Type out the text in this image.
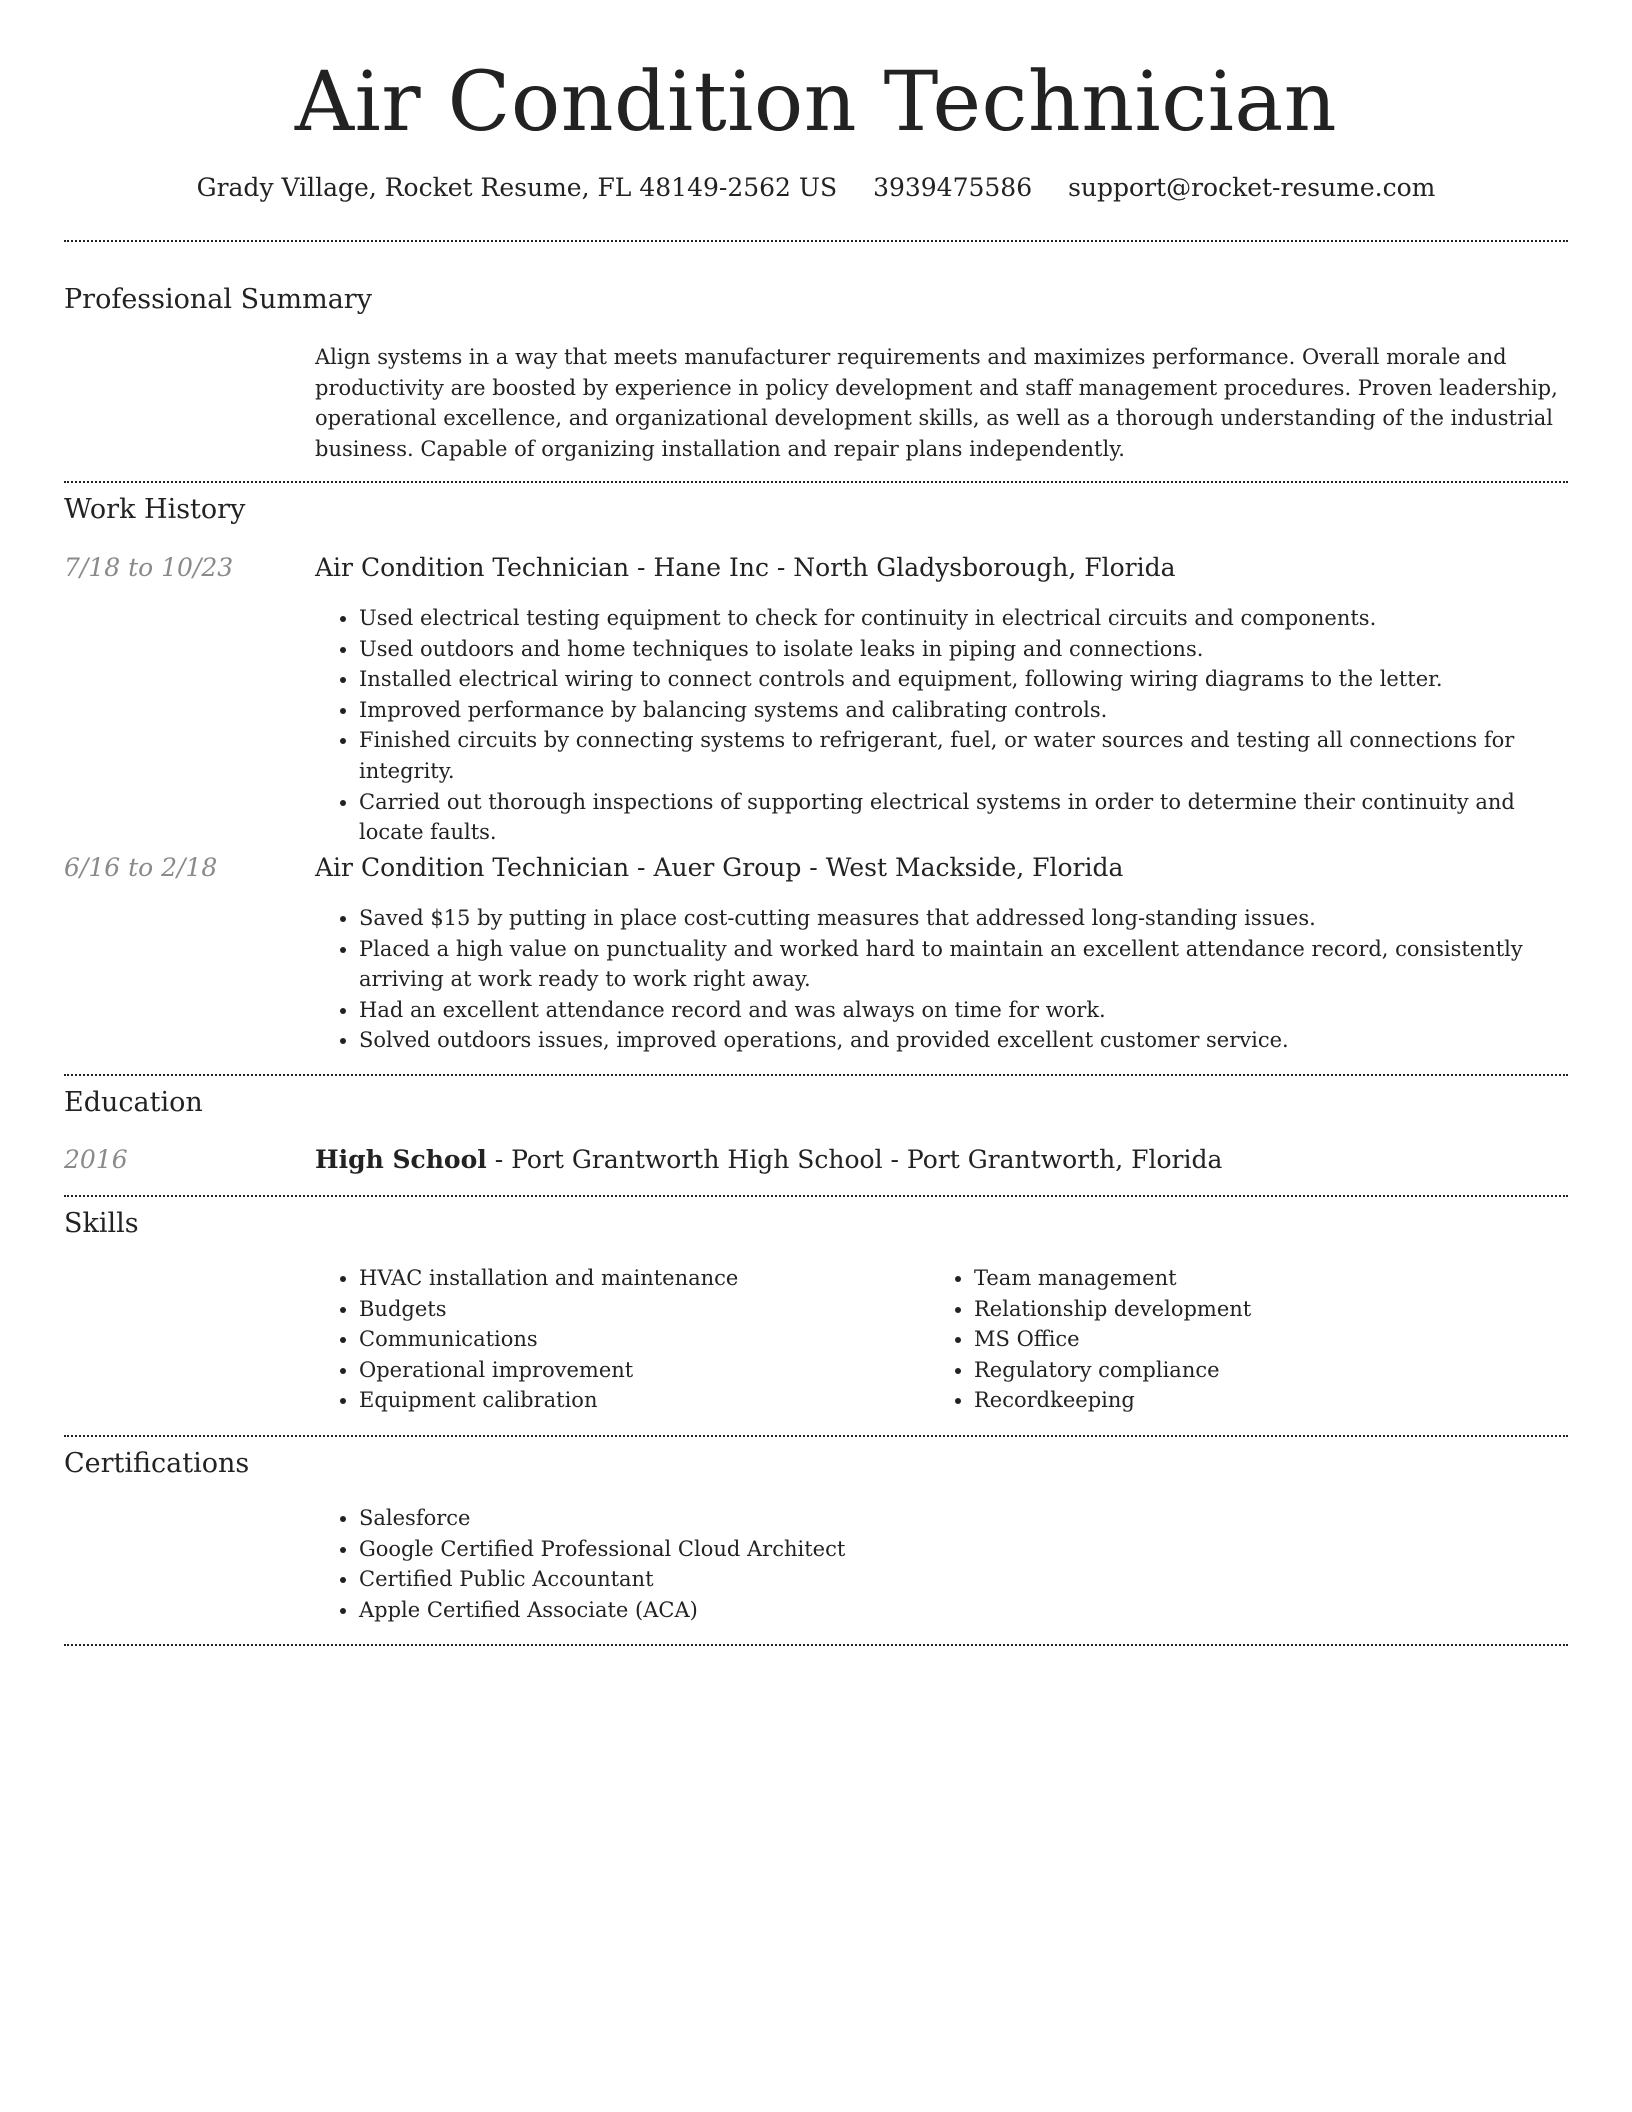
Air Condition Technician
Grady Village, Rocket Resume, FL 48149-2562 US 3939475586 support@rocket-resume.com
Professional Summary

Align systems in a way that meets manufacturer requirements and maximizes performance. Overall morale and productivity are boosted by experience in policy development and staff management procedures. Proven leadership, operational excellence, and organizational development skills, as well as a thorough understanding of the industrial business. Capable of organizing installation and repair plans independently.

Work History
7/18 to 10/23	Air Condition Technician - Hane Inc - North Gladysborough, Florida
• Used electrical testing equipment to check for continuity in electrical circuits and components.
• Used outdoors and home techniques to isolate leaks in piping and connections.
• Installed electrical wiring to connect controls and equipment, following wiring diagrams to the letter.
• Improved performance by balancing systems and calibrating controls.
• Finished circuits by connecting systems to refrigerant, fuel, or water sources and testing all connections for integrity.
• Carried out thorough inspections of supporting electrical systems in order to determine their continuity and locate faults.
6/16 to 2/18	Air Condition Technician - Auer Group - West Mackside, Florida
• Saved $15 by putting in place cost-cutting measures that addressed long-standing issues.
• Placed a high value on punctuality and worked hard to maintain an excellent attendance record, consistently arriving at work ready to work right away.
• Had an excellent attendance record and was always on time for work.
• Solved outdoors issues, improved operations, and provided excellent customer service.
Education
2016	High School - Port Grantworth High School - Port Grantworth, Florida
Skills
• HVAC installation and maintenance
• Budgets
• Communications
• Operational improvement
• Equipment calibration
• Team management
• Relationship development
• MS Office
• Regulatory compliance
• Recordkeeping
Certifications
• Salesforce
• Google Certified Professional Cloud Architect
• Certified Public Accountant
• Apple Certified Associate (ACA)
